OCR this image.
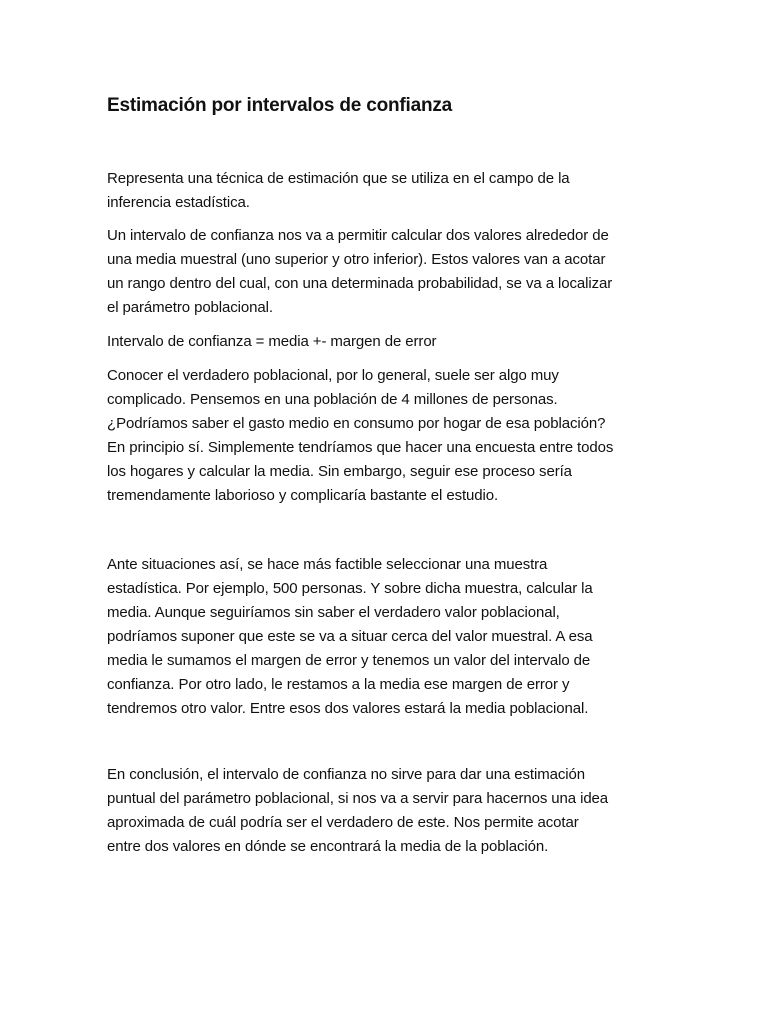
Estimación por intervalos de confianza

Representa una técnica de estimación que se utiliza en el campo de la
inferencia estadística.

Un intervalo de confianza nos va a permitir calcular dos valores alrededor de
una media muestral (uno superior y otro inferior). Estos valores van a acotar
un rango dentro del cual, con una determinada probabilidad, se va a localizar
el parámetro poblacional.

Intervalo de confianza = media +- margen de error

Conocer el verdadero poblacional, por lo general, suele ser algo muy
complicado. Pensemos en una población de 4 millones de personas.
¿Podríamos saber el gasto medio en consumo por hogar de esa población?
En principio sí. Simplemente tendríamos que hacer una encuesta entre todos
los hogares y calcular la media. Sin embargo, seguir ese proceso sería
tremendamente laborioso y complicaría bastante el estudio.

Ante situaciones así, se hace más factible seleccionar una muestra
estadística. Por ejemplo, 500 personas. Y sobre dicha muestra, calcular la
media. Aunque seguiríamos sin saber el verdadero valor poblacional,
podríamos suponer que este se va a situar cerca del valor muestral. A esa
media le sumamos el margen de error y tenemos un valor del intervalo de
confianza. Por otro lado, le restamos a la media ese margen de error y
tendremos otro valor. Entre esos dos valores estará la media poblacional.

En conclusión, el intervalo de confianza no sirve para dar una estimación
puntual del parámetro poblacional, si nos va a servir para hacernos una idea
aproximada de cuál podría ser el verdadero de este. Nos permite acotar
entre dos valores en dónde se encontrará la media de la población.
